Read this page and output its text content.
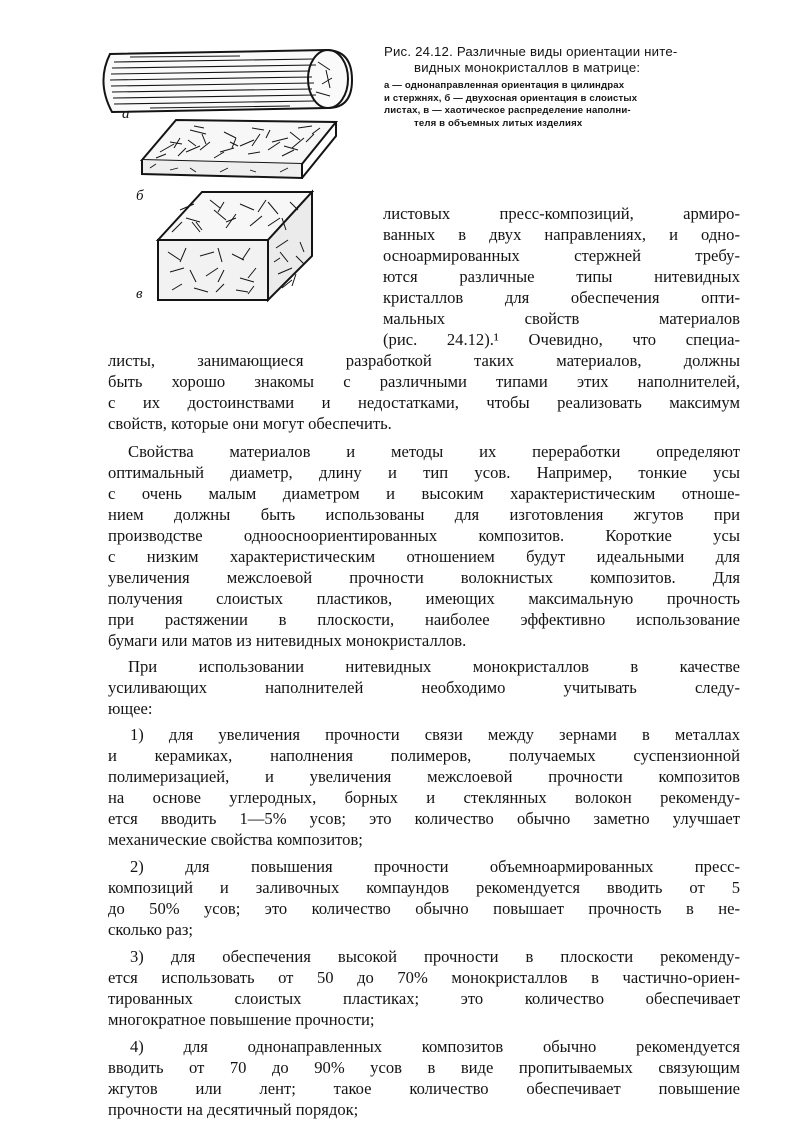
а
б
в
Рис. 24.12. Различные виды ориентации ните-
видных монокристаллов в матрице:
а — однонаправленная ориентация в цилиндрах
и стержнях, б — двухосная ориентация в слоистых
листах, в — хаотическое распределение наполни-
теля в объемных литых изделиях
листовых пресс-композиций, армиро-
ванных в двух направлениях, и одно-
осноармированных стержней требу-
ются различные типы нитевидных
кристаллов для обеспечения опти-
мальных свойств материалов
(рис. 24.12).¹ Очевидно, что специа-
листы, занимающиеся разработкой таких материалов, должны
быть хорошо знакомы с различными типами этих наполнителей,
с их достоинствами и недостатками, чтобы реализовать максимум
свойств, которые они могут обеспечить.
Свойства материалов и методы их переработки определяют
оптимальный диаметр, длину и тип усов. Например, тонкие усы
с очень малым диаметром и высоким характеристическим отноше-
нием должны быть использованы для изготовления жгутов при
производстве одноосноориентированных композитов. Короткие усы
с низким характеристическим отношением будут идеальными для
увеличения межслоевой прочности волокнистых композитов. Для
получения слоистых пластиков, имеющих максимальную прочность
при растяжении в плоскости, наиболее эффективно использование
бумаги или матов из нитевидных монокристаллов.
При использовании нитевидных монокристаллов в качестве
усиливающих наполнителей необходимо учитывать следу-
ющее:
1) для увеличения прочности связи между зернами в металлах
и керамиках, наполнения полимеров, получаемых суспензионной
полимеризацией, и увеличения межслоевой прочности композитов
на основе углеродных, борных и стеклянных волокон рекоменду-
ется вводить 1—5% усов; это количество обычно заметно улучшает
механические свойства композитов;
2) для повышения прочности объемноармированных пресс-
композиций и заливочных компаундов рекомендуется вводить от 5
до 50% усов; это количество обычно повышает прочность в не-
сколько раз;
3) для обеспечения высокой прочности в плоскости рекоменду-
ется использовать от 50 до 70% монокристаллов в частично-ориен-
тированных слоистых пластиках; это количество обеспечивает
многократное повышение прочности;
4) для однонаправленных композитов обычно рекомендуется
вводить от 70 до 90% усов в виде пропитываемых связующим
жгутов или лент; такое количество обеспечивает повышение
прочности на десятичный порядок;
